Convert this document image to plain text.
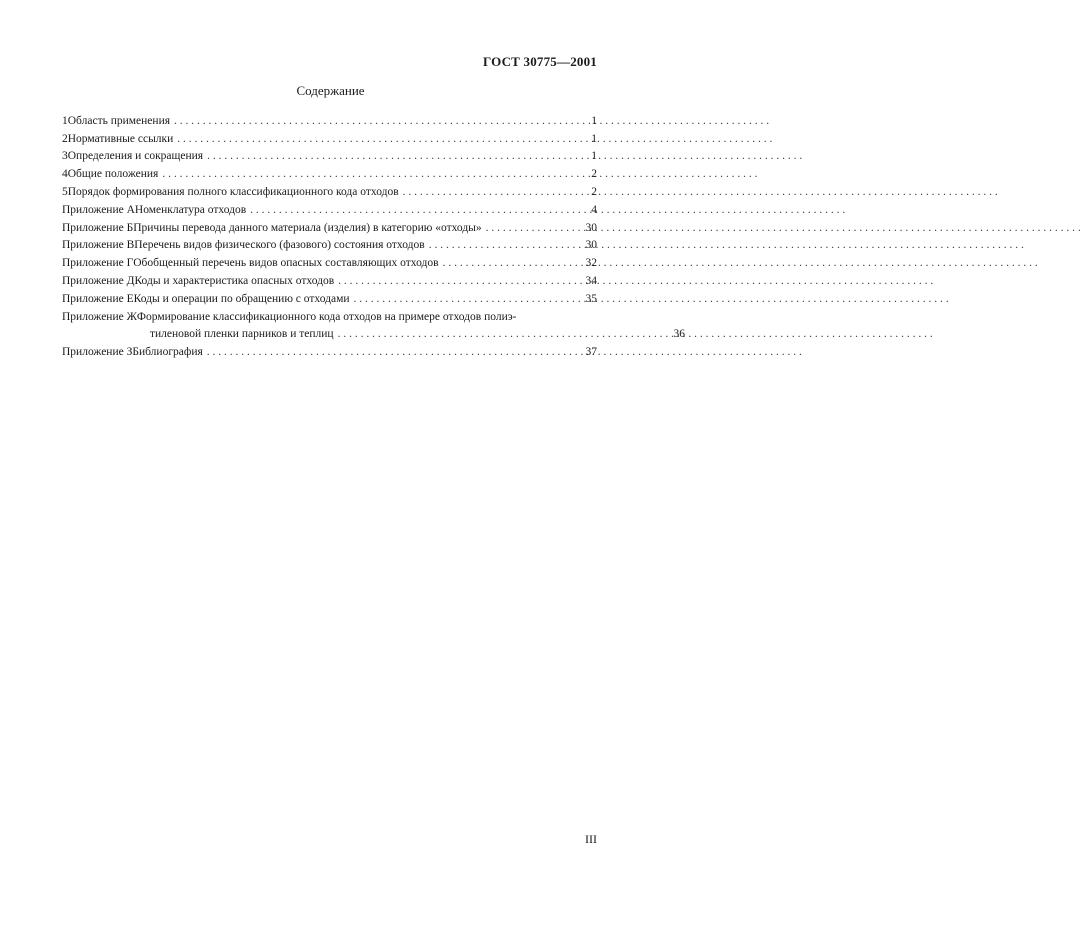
ГОСТ 30775—2001
Содержание
1 Область применения . . .	1
2 Нормативные ссылки . . .	1
3 Определения и сокращения . . .	1
4 Общие положения . . .	2
5 Порядок формирования полного классификационного кода отходов . . .	2
Приложение А Номенклатура отходов . . .	4
Приложение Б Причины перевода данного материала (изделия) в категорию «отходы» . . .	30
Приложение В Перечень видов физического (фазового) состояния отходов . . .	30
Приложение Г Обобщенный перечень видов опасных составляющих отходов . . .	32
Приложение Д Коды и характеристика опасных отходов . . .	34
Приложение Е Коды и операции по обращению с отходами . . .	35
Приложение Ж Формирование классификационного кода отходов на примере отходов полиэ-
тиленовой пленки парников и теплиц . . .	36
Приложение З Библиография . . .	37
III
